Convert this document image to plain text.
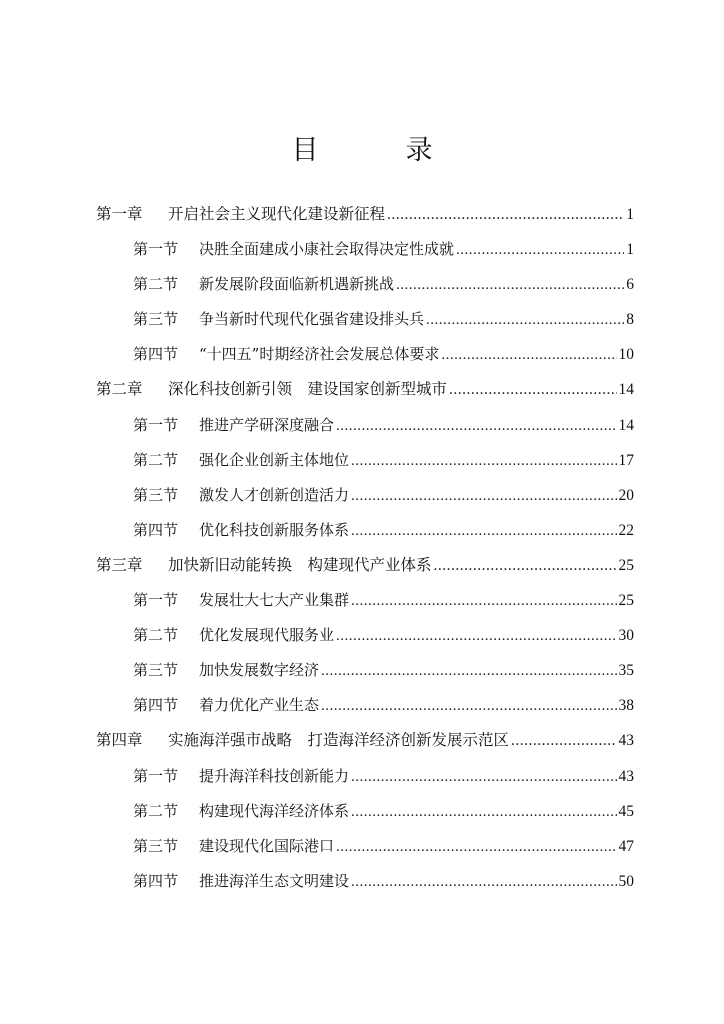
目　录
第一章	开启社会主义现代化建设新征程 .....	1
第一节	决胜全面建成小康社会取得决定性成就 .....	1
第二节	新发展阶段面临新机遇新挑战 .....	6
第三节	争当新时代现代化强省建设排头兵 .....	8
第四节	“十四五”时期经济社会发展总体要求 .....	10
第二章	深化科技创新引领　建设国家创新型城市 .....	14
第一节	推进产学研深度融合 .....	14
第二节	强化企业创新主体地位 .....	17
第三节	激发人才创新创造活力 .....	20
第四节	优化科技创新服务体系 .....	22
第三章	加快新旧动能转换　构建现代产业体系 .....	25
第一节	发展壮大七大产业集群 .....	25
第二节	优化发展现代服务业 .....	30
第三节	加快发展数字经济 .....	35
第四节	着力优化产业生态 .....	38
第四章	实施海洋强市战略　打造海洋经济创新发展示范区 .....	43
第一节	提升海洋科技创新能力 .....	43
第二节	构建现代海洋经济体系 .....	45
第三节	建设现代化国际港口 .....	47
第四节	推进海洋生态文明建设 .....	50
